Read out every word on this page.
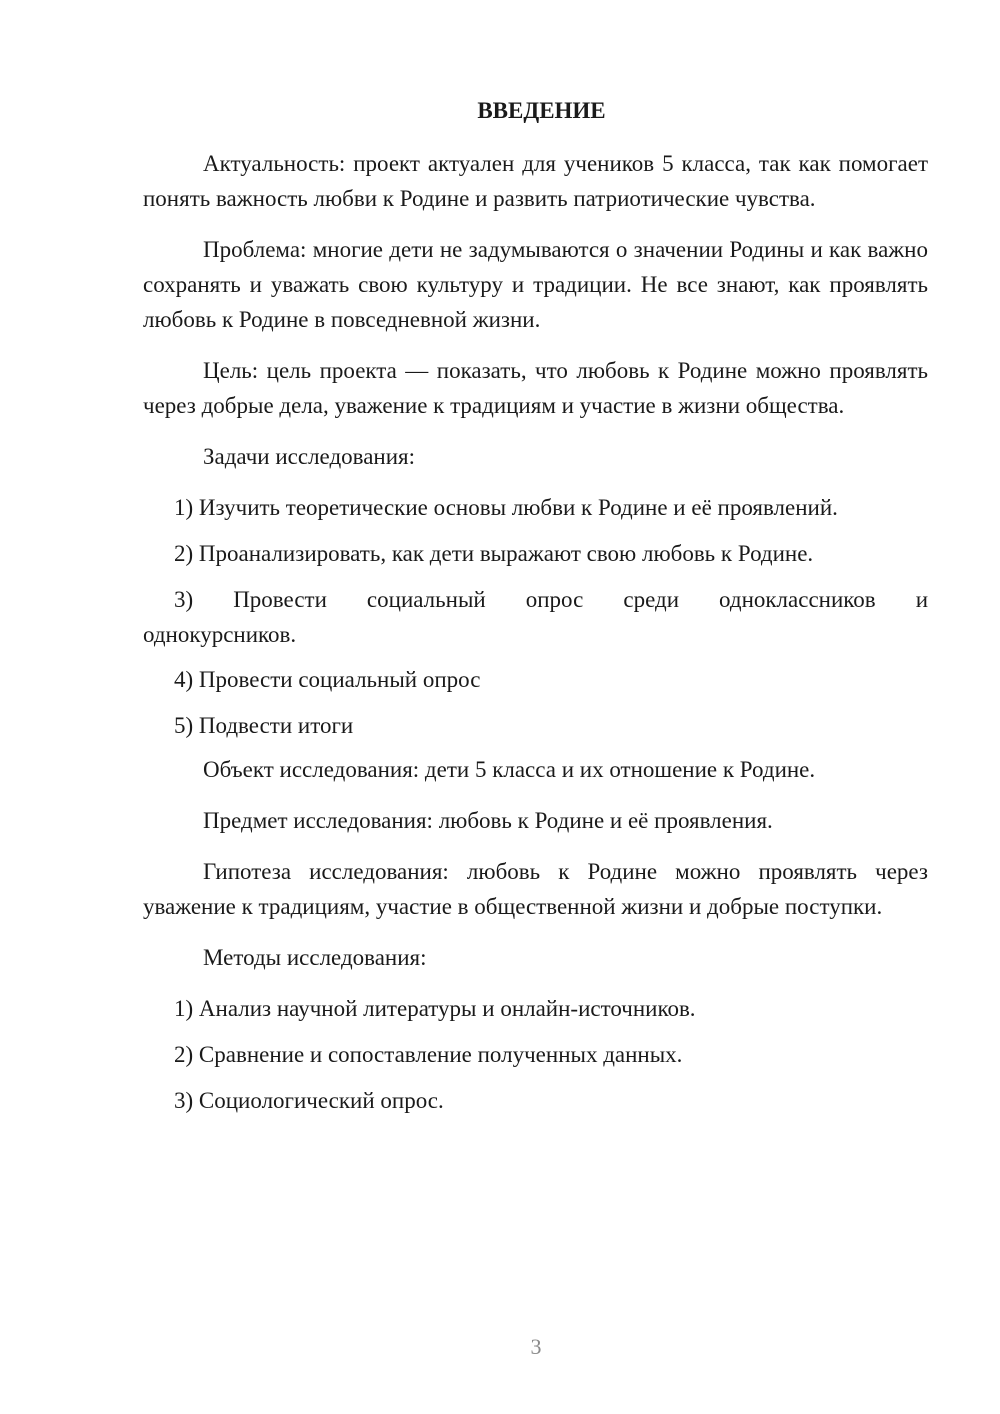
ВВЕДЕНИЕ

Актуальность: проект актуален для учеников 5 класса, так как помогает понять важность любви к Родине и развить патриотические чувства.

Проблема: многие дети не задумываются о значении Родины и как важно сохранять и уважать свою культуру и традиции. Не все знают, как проявлять любовь к Родине в повседневной жизни.

Цель: цель проекта — показать, что любовь к Родине можно проявлять через добрые дела, уважение к традициям и участие в жизни общества.

Задачи исследования:

1) Изучить теоретические основы любви к Родине и её проявлений.
2) Проанализировать, как дети выражают свою любовь к Родине.
3) Провести социальный опрос среди одноклассников и однокурсников.
4) Провести социальный опрос
5) Подвести итоги

Объект исследования: дети 5 класса и их отношение к Родине.

Предмет исследования: любовь к Родине и её проявления.

Гипотеза исследования: любовь к Родине можно проявлять через уважение к традициям, участие в общественной жизни и добрые поступки.

Методы исследования:

1) Анализ научной литературы и онлайн-источников.
2) Сравнение и сопоставление полученных данных.
3) Социологический опрос.
3
